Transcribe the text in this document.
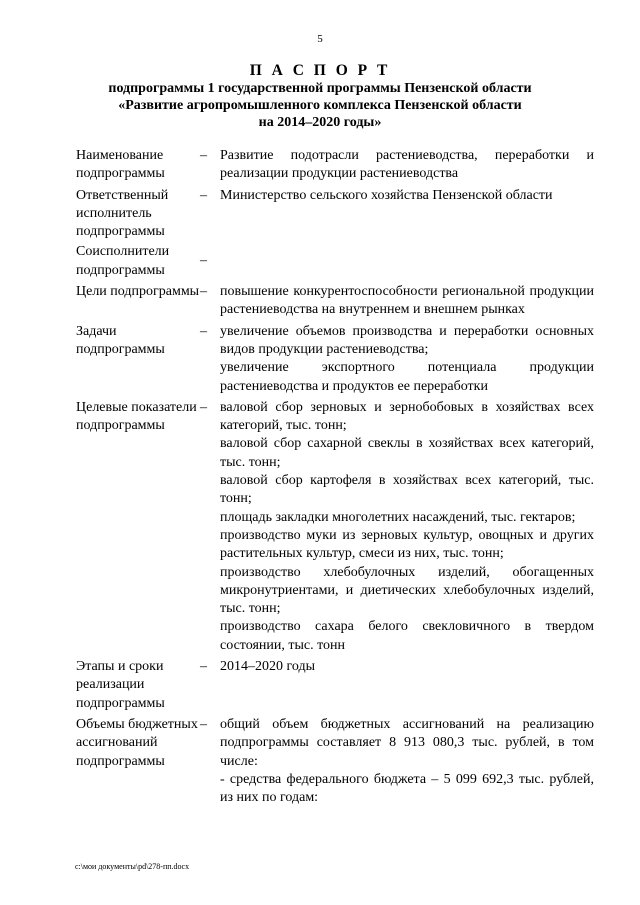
5
П А С П О Р Т
подпрограммы 1 государственной программы Пензенской области
«Развитие агропромышленного комплекса Пензенской области
на 2014–2020 годы»
Наименование подпрограммы
– Развитие подотрасли растениеводства, переработки и реализации продукции растениеводства

Ответственный исполнитель подпрограммы
– Министерство сельского хозяйства Пензенской области

Соисполнители подпрограммы
–
Цели подпрограммы – повышение конкурентоспособности региональной продукции растениеводства на внутреннем и внешнем рынках

Задачи подпрограммы
– увеличение объемов производства и переработки основных видов продукции растениеводства;

увеличение экспортного потенциала продукции растениеводства и продуктов ее переработки

Целевые показатели подпрограммы
– валовой сбор зерновых и зернобобовых в хозяйствах всех категорий, тыс. тонн;

валовой сбор сахарной свеклы в хозяйствах всех категорий, тыс. тонн;

валовой сбор картофеля в хозяйствах всех категорий, тыс. тонн;

площадь закладки многолетних насаждений, тыс. гектаров;

производство муки из зерновых культур, овощных и других растительных культур, смеси из них, тыс. тонн;

производство хлебобулочных изделий, обогащенных микронутриентами, и диетических хлебобулочных изделий, тыс. тонн;

производство сахара белого свекловичного в твердом состоянии, тыс. тонн

Этапы и сроки реализации подпрограммы
– 2014–2020 годы

Объемы бюджетных ассигнований подпрограммы
– общий объем бюджетных ассигнований на реализацию подпрограммы составляет 8 913 080,3 тыс. рублей, в том числе:

- средства федерального бюджета – 5 099 692,3 тыс. рублей, из них по годам:

c:\мои документы\pd\278-пп.docx
